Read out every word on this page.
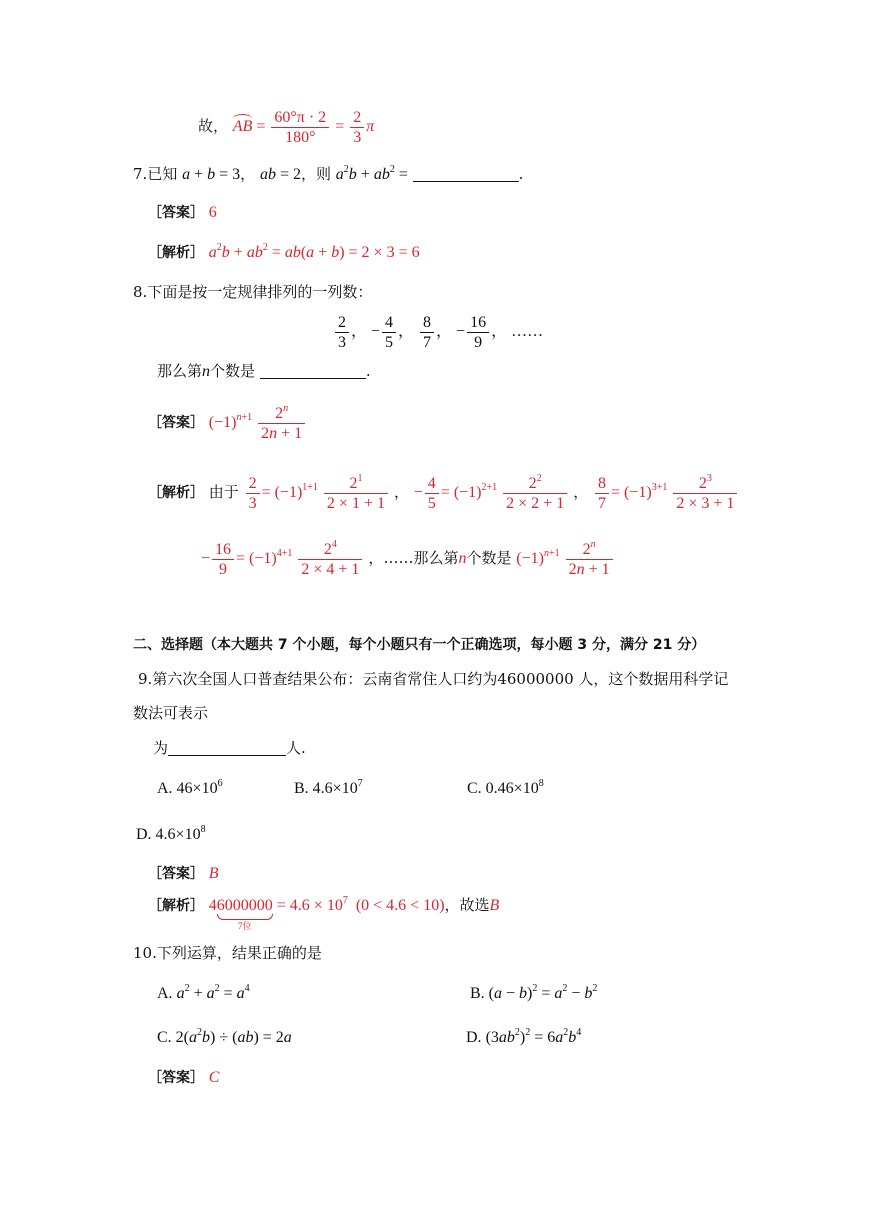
故， AB = $\frac{60^\circ\pi \cdot 2}{180^\circ} = \frac{2}{3}$ π
7.已知 a + b = 3， ab = 2，则 $a^2b + ab^2$ =	.
［答案］ 6
［解析］ $a^2b + ab^2 = ab(a + b) = 2 \times 3 = 6$
8.下面是按一定规律排列的一列数：
$\frac{2}{3}$ ， − $\frac{4}{5}$ ， $\frac{8}{7}$ ， − $\frac{16}{9}$ ， ……
那么第n个数是	.
［答案］ $(-1)^{n+1} \frac{2^n}{2n + 1}$
［解析］ 由于 $\frac{2}{3} = (-1)^{1+1} \frac{2^1}{2 \times 1 + 1}$ ， − $\frac{4}{5} = (-1)^{2+1} \frac{2^2}{2 \times 2 + 1}$ ， $\frac{8}{7} = (-1)^{3+1} \frac{2^3}{2 \times 3 + 1}$
− $\frac{16}{9} = (-1)^{4+1} \frac{2^4}{2 \times 4 + 1}$ ，……那么第n个数是 $(-1)^{n+1} \frac{2^n}{2n + 1}$
二、选择题（本大题共 7 个小题，每个小题只有一个正确选项，每小题 3 分，满分 21 分）
9.第六次全国人口普查结果公布：云南省常住人口约为46000000 人，这个数据用科学记
数法可表示
为	人.
A. $46\times 10^6$	B. $4.6\times 10^7$	C. $0.46\times 10^8$
D. $4.6\times 10^8$
［答案］ B
［解析］ 46000000
7位
= $4.6 \times 10^7$  (0 < 4.6 < 10)，故选B
10.下列运算，结果正确的是
A. $a^2 + a^2 = a^4$	B. $(a - b)^2 = a^2 - b^2$
C. $2(a^2b) \div (ab) = 2a$	D. $(3ab^2)^2 = 6a^2b^4$
［答案］ C
